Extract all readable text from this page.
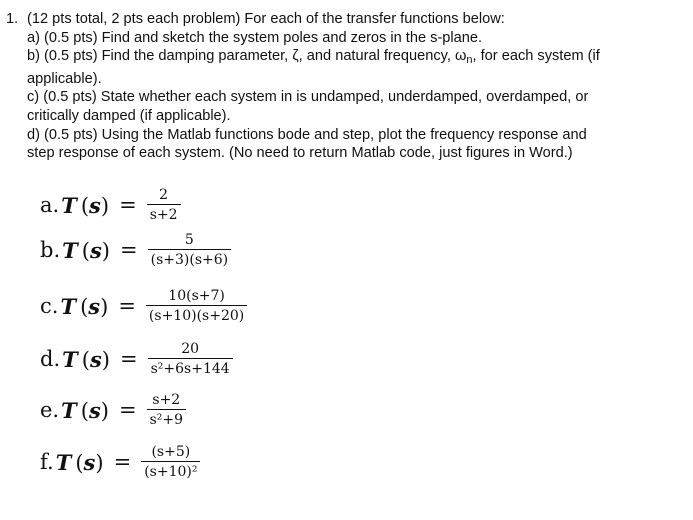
1. (12 pts total, 2 pts each problem) For each of the transfer functions below:
a) (0.5 pts) Find and sketch the system poles and zeros in the s-plane.
b) (0.5 pts) Find the damping parameter, ζ, and natural frequency, $\omega_n$, for each system (if
applicable).
c) (0.5 pts) State whether each system in is undamped, underdamped, overdamped, or
critically damped (if applicable).
d) (0.5 pts) Using the Matlab functions bode and step, plot the frequency response and
step response of each system. (No need to return Matlab code, just figures in Word.)
a. T $(s) = \frac{2}{s+2}$
b. T $(s) = \frac{5}{(s+3)(s+6)}$
c. T $(s) = \frac{10(s+7)}{(s+10)(s+20)}$
d. T $(s) = \frac{20}{\text{s²+6s+144}}$
e. T $(s) = \frac{s+2}{\text{s²+9}}$
f. T $(s) = \frac{(s+5)}{\text{(s+10)²}}$
